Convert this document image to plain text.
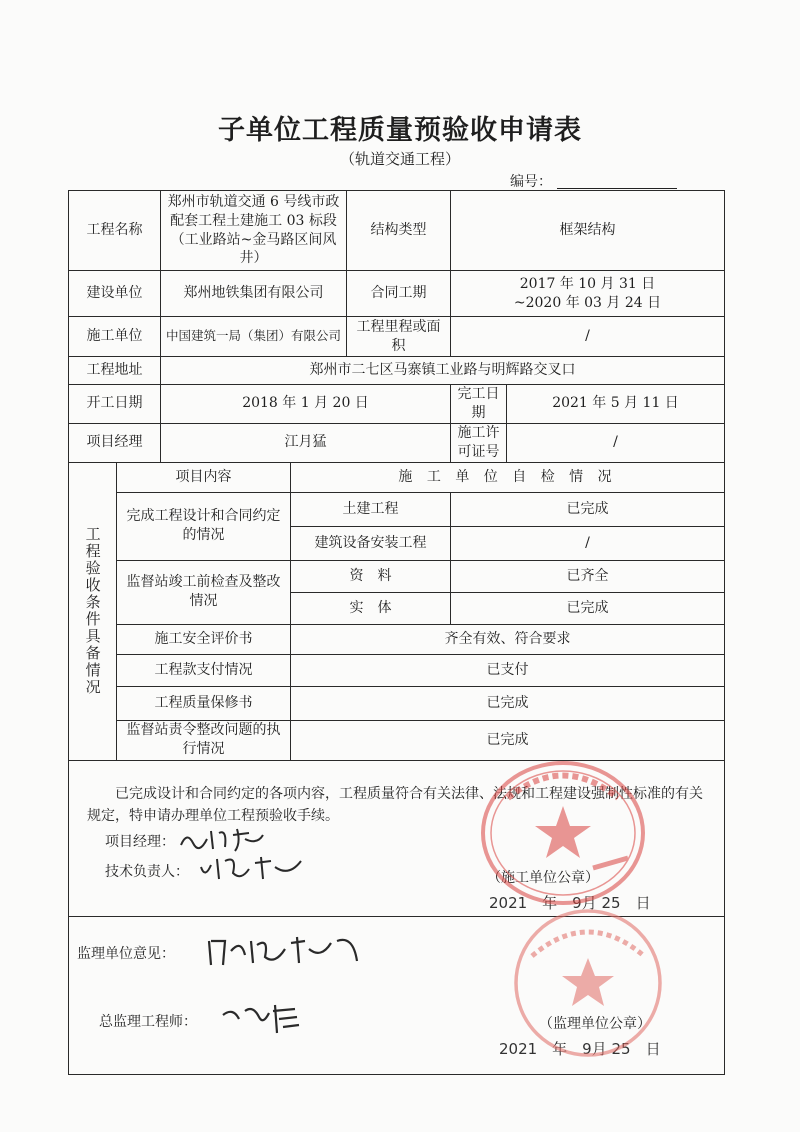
子单位工程质量预验收申请表
（轨道交通工程）
编号：
工程名称		郑州市轨道交通 6 号线市政配套工程土建施工 03 标段（工业路站~金马路区间风井）		结构类型	框架结构	
建设单位		郑州地铁集团有限公司		合同工期	2017 年 10 月 31 日
~2020 年 03 月 24 日	

施工单位		中国建筑一局（集团）有限公司		工程里程或面积	/	
工程地址		郑州市二七区马寨镇工业路与明辉路交叉口				
开工日期		2018 年 1 月 20 日			完工日期	2021 年 5 月 11 日
项目经理		江月猛			施工许可证号	/
工程验收条件具备情况	项目内容		施 工 单 位 自 检 情 况			
	完成工程设计和合同约定的情况		土建工程		已完成	
			建筑设备安装工程		/	
	监督站竣工前检查及整改情况		资　料		已齐全	
			实　体		已完成	
	施工安全评价书		齐全有效、符合要求			
	工程款支付情况		已支付			
	工程质量保修书		已完成			
	监督站责令整改问题的执行情况		已完成			

已完成设计和合同约定的各项内容，工程质量符合有关法律、法规和工程建设强制性标准的有关规定，特申请办理单位工程预验收手续。
项目经理：
技术负责人： （施工单位公章）
2021　年　9月 25　日						

监理单位意见：
总监理工程师： （监理单位公章）
2021　年　9月 25　日						
